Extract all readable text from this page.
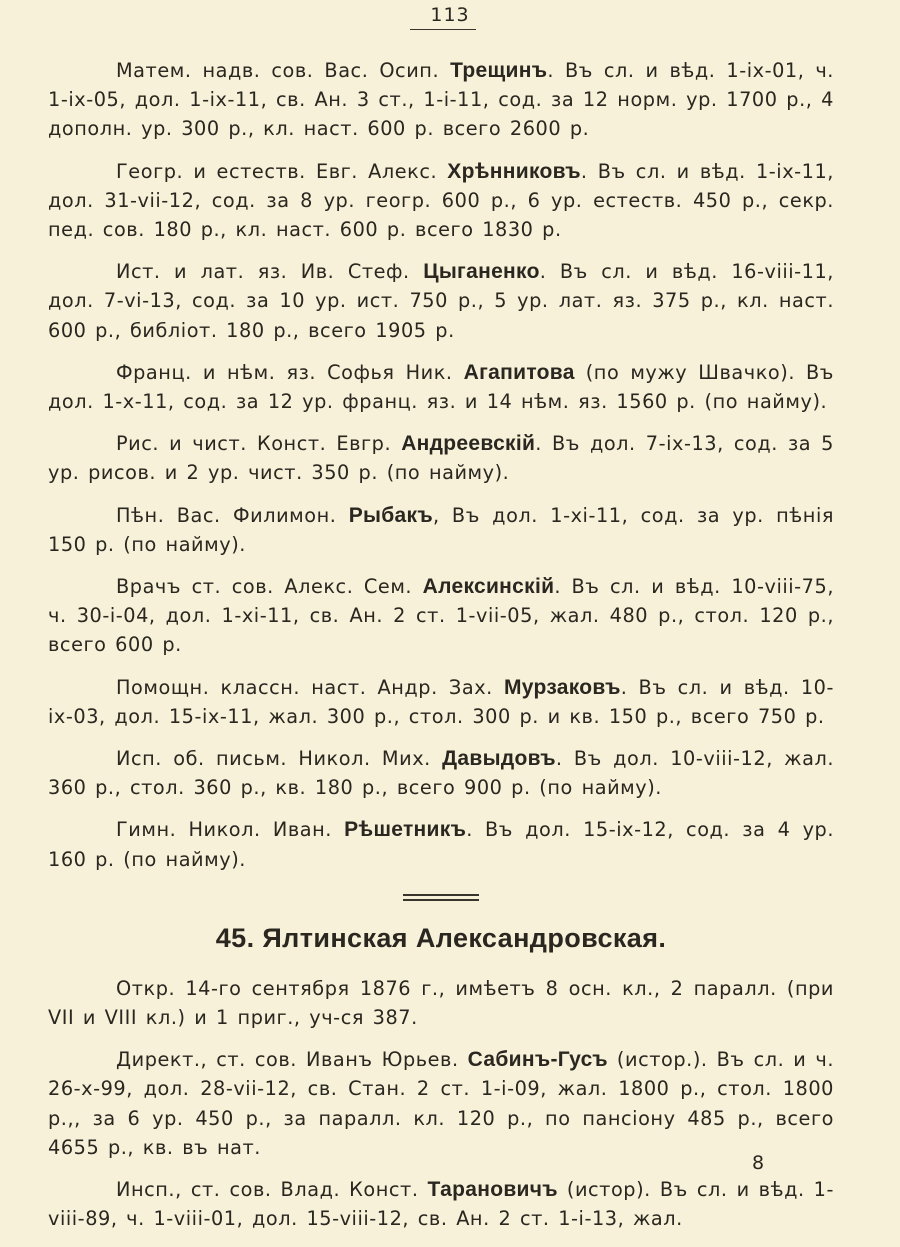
113

Матем. надв. сов. Вас. Осип. Трещинъ. Въ сл. и вѣд. 1-ix-01, ч. 1-ix-05, дол. 1-ix-11, св. Ан. 3 ст., 1-i-11, сод. за 12 норм. ур. 1700 р., 4 дополн. ур. 300 р., кл. наст. 600 р. всего 2600 р.

Геогр. и естеств. Евг. Алекс. Хрѣнниковъ. Въ сл. и вѣд. 1-ix-11, дол. 31-vii-12, сод. за 8 ур. геогр. 600 р., 6 ур. естеств. 450 р., секр. пед. сов. 180 р., кл. наст. 600 р. всего 1830 р.

Ист. и лат. яз. Ив. Стеф. Цыганенко. Въ сл. и вѣд. 16-viii-11, дол. 7-vi-13, сод. за 10 ур. ист. 750 р., 5 ур. лат. яз. 375 р., кл. наст. 600 р., библiот. 180 р., всего 1905 р.

Франц. и нѣм. яз. Софья Ник. Агапитова (по мужу Швачко). Въ дол. 1-x-11, сод. за 12 ур. франц. яз. и 14 нѣм. яз. 1560 р. (по найму).

Рис. и чист. Конст. Евгр. Андреевскiй. Въ дол. 7-ix-13, сод. за 5 ур. рисов. и 2 ур. чист. 350 р. (по найму).

Пѣн. Вас. Филимон. Рыбакъ, Въ дол. 1-xi-11, сод. за ур. пѣнiя 150 р. (по найму).

Врачъ ст. сов. Алекс. Сем. Алексинскiй. Въ сл. и вѣд. 10-viii-75, ч. 30-i-04, дол. 1-xi-11, св. Ан. 2 ст. 1-vii-05, жал. 480 р., стол. 120 р., всего 600 р.

Помощн. классн. наст. Андр. Зах. Мурзаковъ. Въ сл. и вѣд. 10-ix-03, дол. 15-ix-11, жал. 300 р., стол. 300 р. и кв. 150 р., всего 750 р.

Исп. об. письм. Никол. Мих. Давыдовъ. Въ дол. 10-viii-12, жал. 360 р., стол. 360 р., кв. 180 р., всего 900 р. (по найму).

Гимн. Никол. Иван. Рѣшетникъ. Въ дол. 15-ix-12, сод. за 4 ур. 160 р. (по найму).

45. Ялтинская Александровская.

Откр. 14-го сентября 1876 г., имѣетъ 8 осн. кл., 2 паралл. (при VII и VIII кл.) и 1 приг., уч-ся 387.

Директ., ст. сов. Иванъ Юрьев. Сабинъ-Гусъ (истор.). Въ сл. и ч. 26-x-99, дол. 28-vii-12, св. Стан. 2 ст. 1-i-09, жал. 1800 р., стол. 1800 р.,, за 6 ур. 450 р., за паралл. кл. 120 р., по пансiону 485 р., всего 4655 р., кв. въ нат.

Инсп., ст. сов. Влад. Конст. Тарановичъ (истор). Въ сл. и вѣд. 1-viii-89, ч. 1-viii-01, дол. 15-viii-12, св. Ан. 2 ст. 1-i-13, жал.

8
